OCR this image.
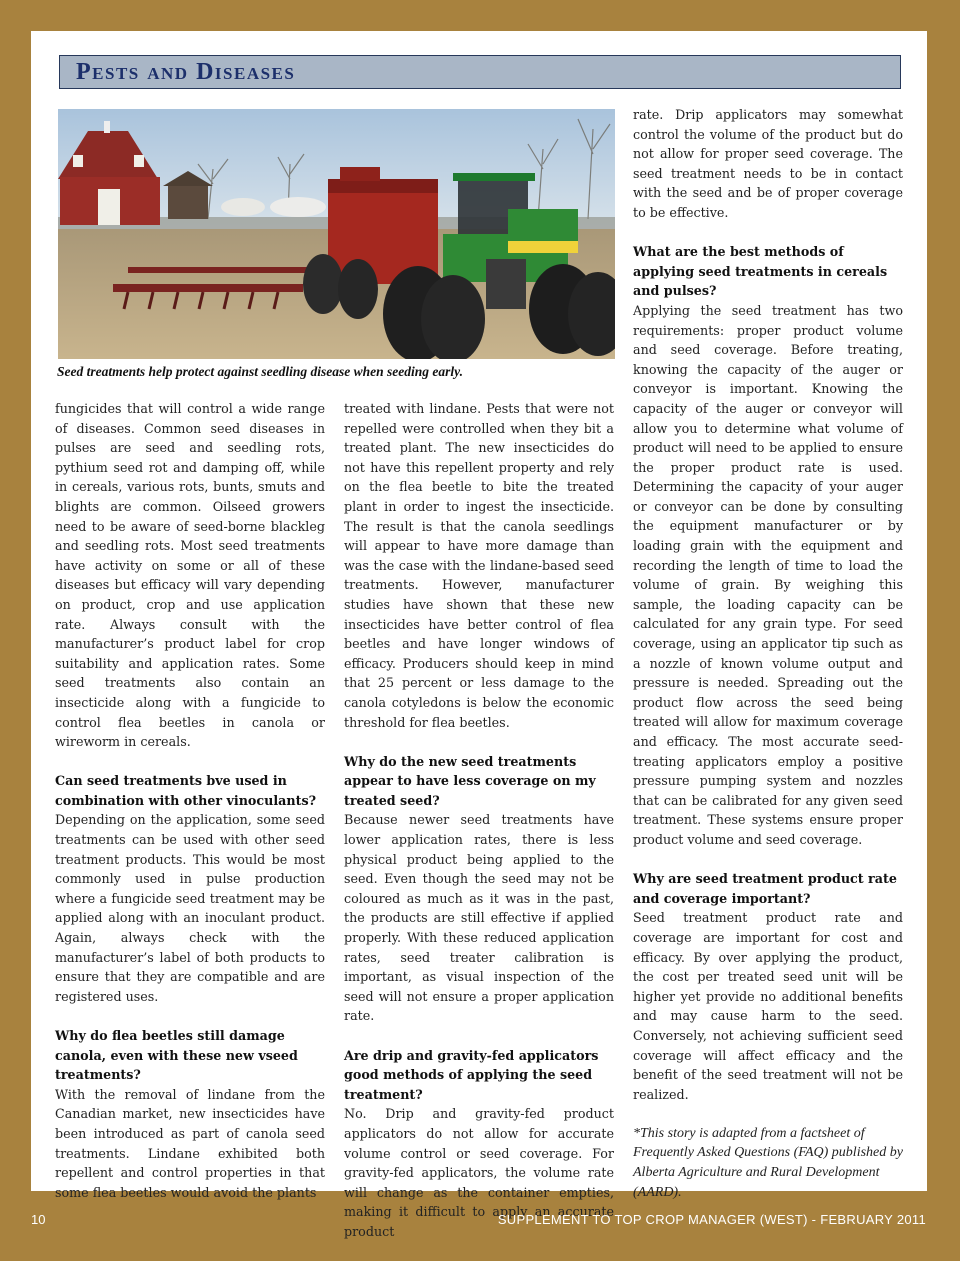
Pests and Diseases
Seed treatments help protect against seedling disease when seeding early.

fungicides that will control a wide range of diseases. Common seed diseases in pulses are seed and seedling rots, pythium seed rot and damping off, while in cereals, various rots, bunts, smuts and blights are common. Oilseed growers need to be aware of seed-borne blackleg and seedling rots. Most seed treatments have activity on some or all of these diseases but efficacy will vary depending on product, crop and use application rate. Always consult with the manufacturer’s product label for crop suitability and application rates. Some seed treatments also contain an insecticide along with a fungicide to control flea beetles in canola or wireworm in cereals.

Can seed treatments bve used in combination with other vinoculants?

Depending on the application, some seed treatments can be used with other seed treatment products. This would be most commonly used in pulse production where a fungicide seed treatment may be applied along with an inoculant product. Again, always check with the manufacturer’s label of both products to ensure that they are compatible and are registered uses.

Why do flea beetles still damage canola, even with these new vseed treatments?

With the removal of lindane from the Canadian market, new insecticides have been introduced as part of canola seed treatments. Lindane exhibited both repellent and control properties in that some flea beetles would avoid the plants

treated with lindane. Pests that were not repelled were controlled when they bit a treated plant. The new insecticides do not have this repellent property and rely on the flea beetle to bite the treated plant in order to ingest the insecticide. The result is that the canola seedlings will appear to have more damage than was the case with the lindane-based seed treatments. However, manufacturer studies have shown that these new insecticides have better control of flea beetles and have longer windows of efficacy. Producers should keep in mind that 25 percent or less damage to the canola cotyledons is below the economic threshold for flea beetles.

Why do the new seed treatments appear to have less coverage on my treated seed?

Because newer seed treatments have lower application rates, there is less physical product being applied to the seed. Even though the seed may not be coloured as much as it was in the past, the products are still effective if applied properly. With these reduced application rates, seed treater calibration is important, as visual inspection of the seed will not ensure a proper application rate.

Are drip and gravity-fed applicators good methods of applying the seed treatment?

No. Drip and gravity-fed product applicators do not allow for accurate volume control or seed coverage. For gravity-fed applicators, the volume rate will change as the container empties, making it difficult to apply an accurate product

rate. Drip applicators may somewhat control the volume of the product but do not allow for proper seed coverage. The seed treatment needs to be in contact with the seed and be of proper coverage to be effective.

What are the best methods of applying seed treatments in cereals and pulses?

Applying the seed treatment has two requirements: proper product volume and seed coverage. Before treating, knowing the capacity of the auger or conveyor is important. Knowing the capacity of the auger or conveyor will allow you to determine what volume of product will need to be applied to ensure the proper product rate is used. Determining the capacity of your auger or conveyor can be done by consulting the equipment manufacturer or by loading grain with the equipment and recording the length of time to load the volume of grain. By weighing this sample, the loading capacity can be calculated for any grain type. For seed coverage, using an applicator tip such as a nozzle of known volume output and pressure is needed. Spreading out the product flow across the seed being treated will allow for maximum coverage and efficacy. The most accurate seed-treating applicators employ a positive pressure pumping system and nozzles that can be calibrated for any given seed treatment. These systems ensure proper product volume and seed coverage.

Why are seed treatment product rate and coverage important?

Seed treatment product rate and coverage are important for cost and efficacy. By over applying the product, the cost per treated seed unit will be higher yet provide no additional benefits and may cause harm to the seed. Conversely, not achieving sufficient seed coverage will affect efficacy and the benefit of the seed treatment will not be realized.

*This story is adapted from a factsheet of Frequently Asked Questions (FAQ) published by Alberta Agriculture and Rural Development (AARD).

10	SUPPLEMENT TO TOP CROP MANAGER (WEST) - FEBRUARY 2011
